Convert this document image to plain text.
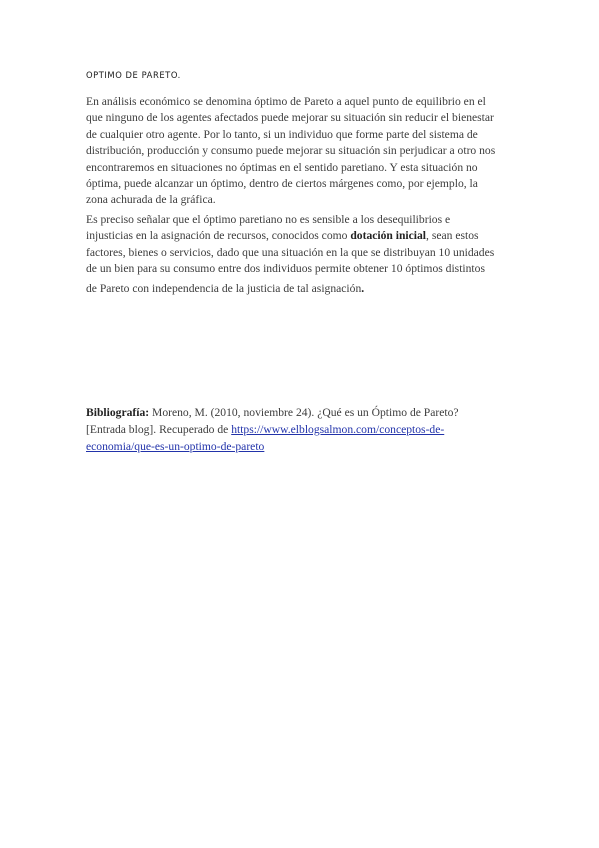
OPTIMO DE PARETO.

En análisis económico se denomina óptimo de Pareto a aquel punto de equilibrio en el
que ninguno de los agentes afectados puede mejorar su situación sin reducir el bienestar
de cualquier otro agente. Por lo tanto, si un individuo que forme parte del sistema de
distribución, producción y consumo puede mejorar su situación sin perjudicar a otro nos
encontraremos en situaciones no óptimas en el sentido paretiano. Y esta situación no
óptima, puede alcanzar un óptimo, dentro de ciertos márgenes como, por ejemplo, la
zona achurada de la gráfica.

Es preciso señalar que el óptimo paretiano no es sensible a los desequilibrios e
injusticias en la asignación de recursos, conocidos como dotación inicial, sean estos
factores, bienes o servicios, dado que una situación en la que se distribuyan 10 unidades
de un bien para su consumo entre dos individuos permite obtener 10 óptimos distintos
de Pareto con independencia de la justicia de tal asignación.

Bibliografía: Moreno, M. (2010, noviembre 24). ¿Qué es un Óptimo de Pareto?
[Entrada blog]. Recuperado de https://www.elblogsalmon.com/conceptos-de-
economia/que-es-un-optimo-de-pareto
